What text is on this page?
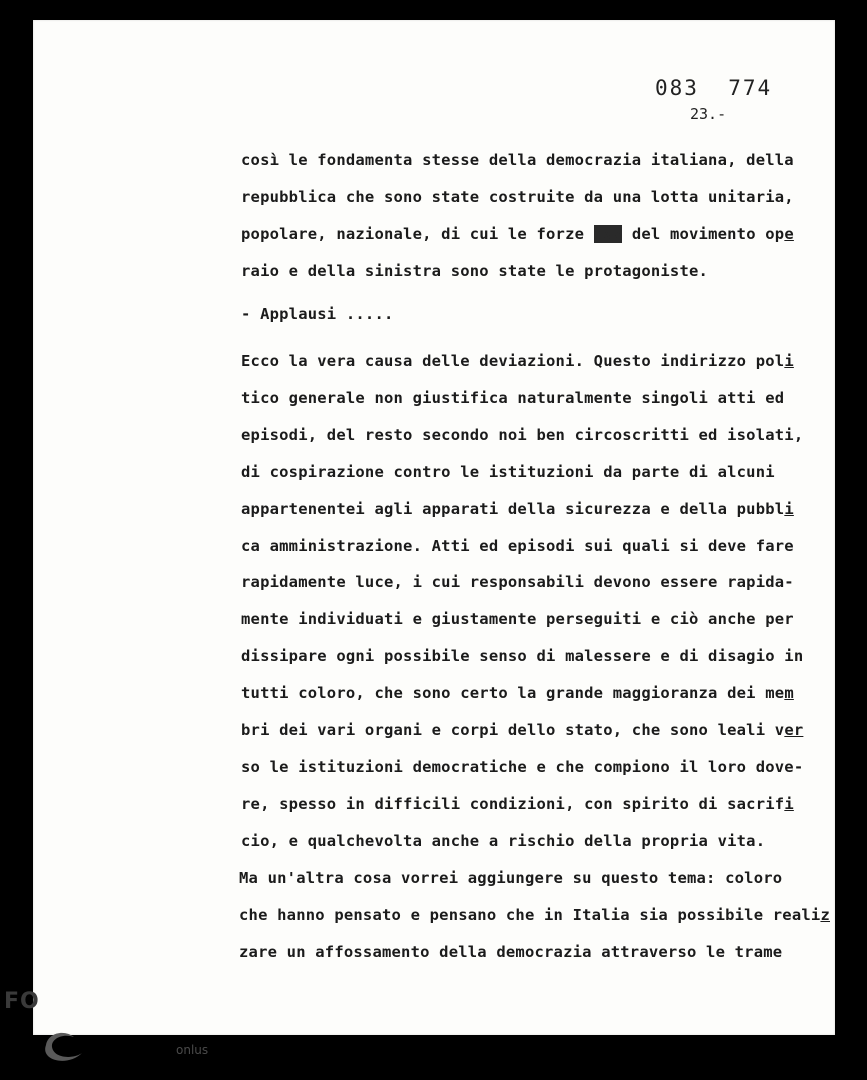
083  774
23.-
così le fondamenta stesse della democrazia italiana, della
repubblica che sono state costruite da una lotta unitaria,
popolare, nazionale, di cui le forze dxx del movimento ope
raio e della sinistra sono state le protagoniste.
- Applausi .....
Ecco la vera causa delle deviazioni. Questo indirizzo poli
tico generale non giustifica naturalmente singoli atti ed
episodi, del resto secondo noi ben circoscritti ed isolati,
di cospirazione contro le istituzioni da parte di alcuni
appartenentei agli apparati della sicurezza e della pubbli
ca amministrazione. Atti ed episodi sui quali si deve fare
rapidamente luce, i cui responsabili devono essere rapida-
mente individuati e giustamente perseguiti e ciò anche per
dissipare ogni possibile senso di malessere e di disagio in
tutti coloro, che sono certo la grande maggioranza dei mem
bri dei vari organi e corpi dello stato, che sono leali ver
so le istituzioni democratiche e che compiono il loro dove-
re, spesso in difficili condizioni, con spirito di sacrifi
cio, e qualchevolta anche a rischio della propria vita.
Ma un'altra cosa vorrei aggiungere su questo tema: coloro
che hanno pensato e pensano che in Italia sia possibile realiz
zare un affossamento della democrazia attraverso le trame
FO
onlus
